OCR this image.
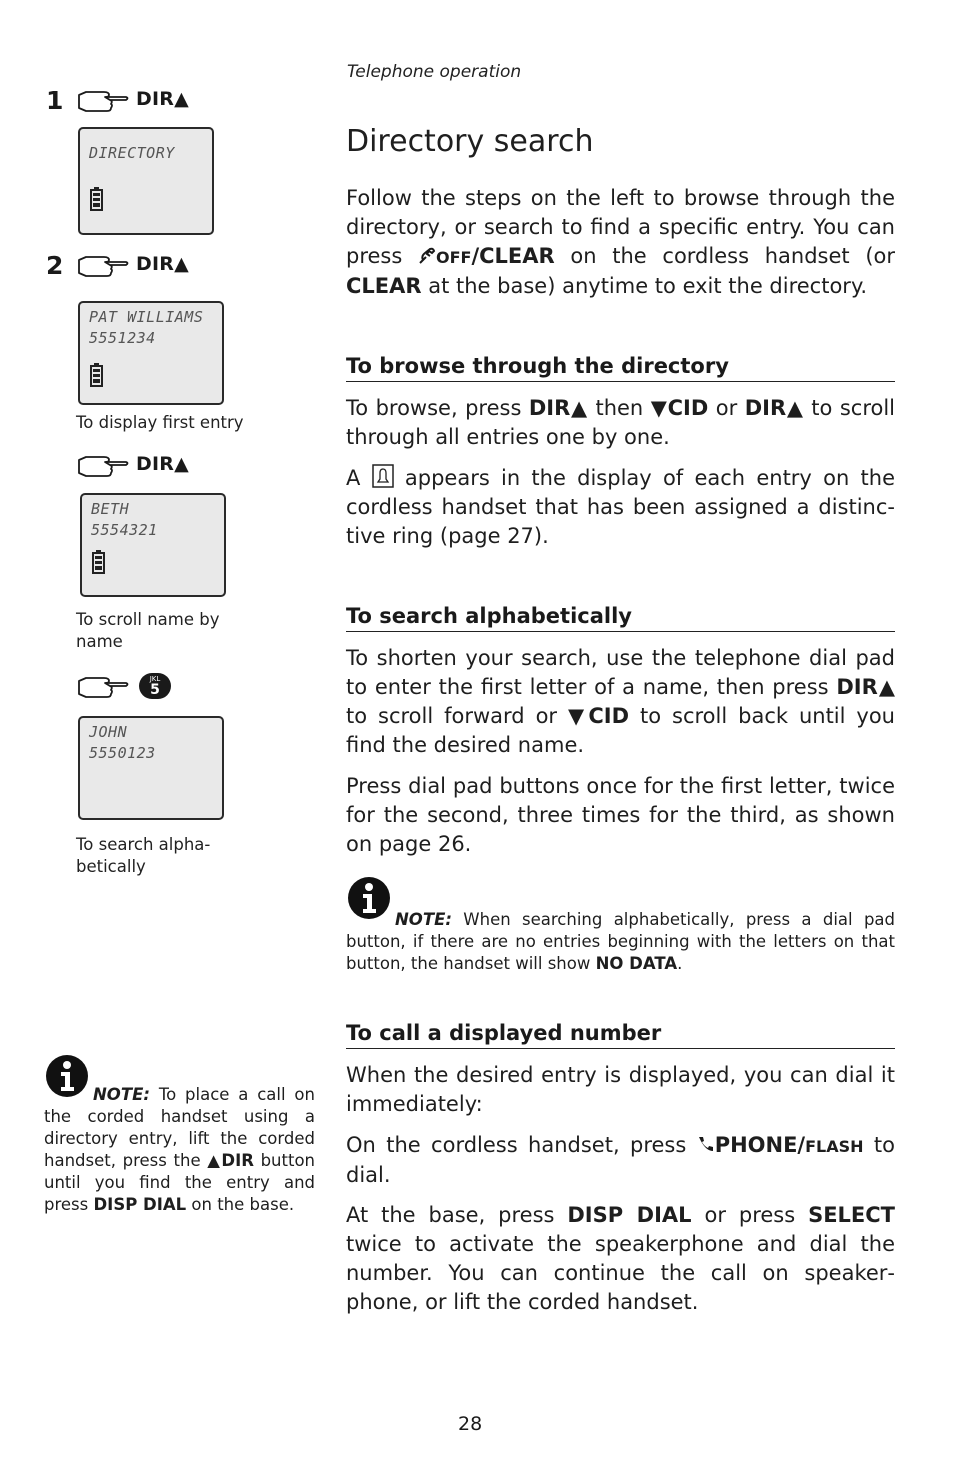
1	DIR▲
DIRECTORY
2	DIR▲
PAT WILLIAMS
5551234
To display first entry
DIR▲
BETH
5554321
To scroll name by
name
JKL
5
JOHN
5550123
To search alpha-
betically
NOTE: To place a call on the corded handset using a directory entry, lift the corded handset, press the ▲DIR button until you find the entry and press DISP DIAL on the base.
Telephone operation
Directory search
Follow the steps on the left to browse through the directory, or search to find a specific entry. You can press OFF/CLEAR on the cordless handset (or CLEAR at the base) anytime to exit the directory.
To browse through the directory
To browse, press DIR▲ then ▼CID or DIR▲ to scroll through all entries one by one.
A
appears in the display of each entry on the cordless handset that has been assigned a distinctive ring (page 27).
To search alphabetically
To shorten your search, use the telephone dial pad to enter the first letter of a name, then press DIR▲ to scroll forward or ▼CID to scroll back until you find the desired name.
Press dial pad buttons once for the first letter, twice for the second, three times for the third, as shown on page 26.
NOTE: When searching alphabetically, press a dial pad button, if there are no entries beginning with the letters on that button, the handset will show NO DATA.
To call a displayed number
When the desired entry is displayed, you can dial it immediately:
On the cordless handset, press PHONE/FLASH to dial.
At the base, press DISP DIAL or press SELECT twice to activate the speakerphone and dial the number. You can continue the call on speakerphone, or lift the corded handset.
28
